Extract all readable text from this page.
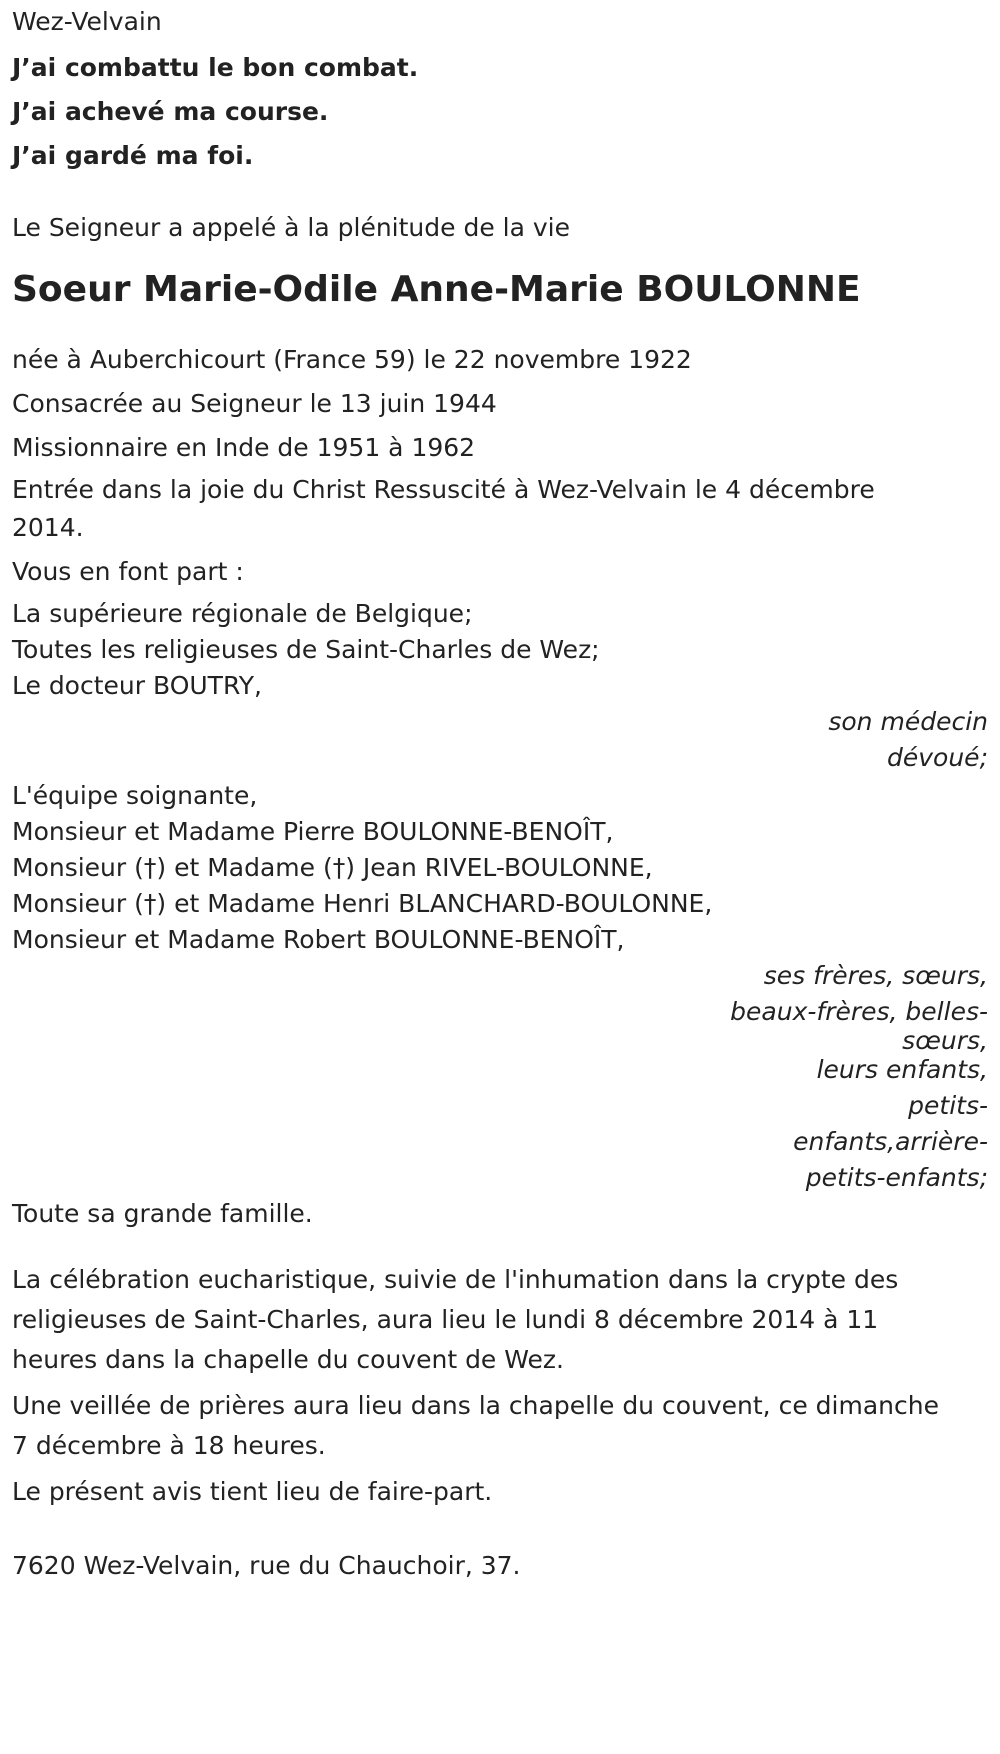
Wez-Velvain
J’ai combattu le bon combat.
J’ai achevé ma course.
J’ai gardé ma foi.
Le Seigneur a appelé à la plénitude de la vie
Soeur Marie-Odile Anne-Marie BOULONNE
née à Auberchicourt (France 59) le 22 novembre 1922
Consacrée au Seigneur le 13 juin 1944
Missionnaire en Inde de 1951 à 1962
Entrée dans la joie du Christ Ressuscité à Wez-Velvain le 4 décembre
2014.
Vous en font part :
La supérieure régionale de Belgique;
Toutes les religieuses de Saint-Charles de Wez;
Le docteur BOUTRY,
son médecin
dévoué;
L'équipe soignante,
Monsieur et Madame Pierre BOULONNE-BENOÎT,
Monsieur (†) et Madame (†) Jean RIVEL-BOULONNE,
Monsieur (†) et Madame Henri BLANCHARD-BOULONNE,
Monsieur et Madame Robert BOULONNE-BENOÎT,
ses frères, sœurs,
beaux-frères, belles-
sœurs,
leurs enfants,
petits-
enfants,arrière-
petits-enfants;
Toute sa grande famille.
La célébration eucharistique, suivie de l'inhumation dans la crypte des
religieuses de Saint-Charles, aura lieu le lundi 8 décembre 2014 à 11
heures dans la chapelle du couvent de Wez.
Une veillée de prières aura lieu dans la chapelle du couvent, ce dimanche
7 décembre à 18 heures.
Le présent avis tient lieu de faire-part.
7620 Wez-Velvain, rue du Chauchoir, 37.
